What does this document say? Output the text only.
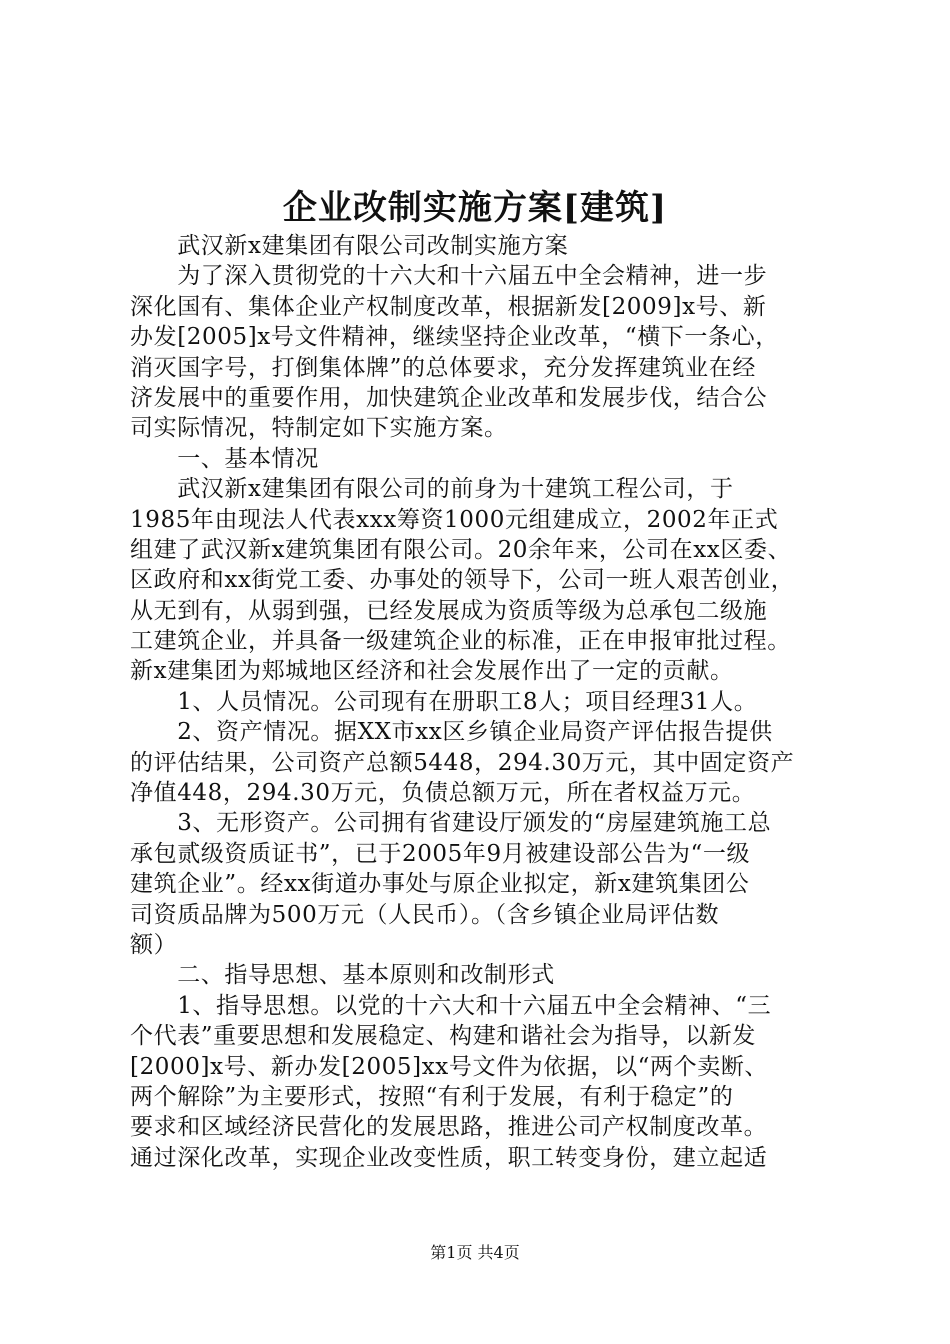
企业改制实施方案[建筑]
　　武汉新x建集团有限公司改制实施方案
　　为了深入贯彻党的十六大和十六届五中全会精神，进一步
深化国有、集体企业产权制度改革，根据新发[2009]x号、新
办发[2005]x号文件精神，继续坚持企业改革，“横下一条心，
消灭国字号，打倒集体牌”的总体要求，充分发挥建筑业在经
济发展中的重要作用，加快建筑企业改革和发展步伐，结合公
司实际情况，特制定如下实施方案。
　　一、基本情况
　　武汉新x建集团有限公司的前身为十建筑工程公司，于
1985年由现法人代表xxx筹资1000元组建成立，2002年正式
组建了武汉新x建筑集团有限公司。20余年来，公司在xx区委、
区政府和xx街党工委、办事处的领导下，公司一班人艰苦创业，
从无到有，从弱到强，已经发展成为资质等级为总承包二级施
工建筑企业，并具备一级建筑企业的标准，正在申报审批过程。
新x建集团为郏城地区经济和社会发展作出了一定的贡献。
　　1、人员情况。公司现有在册职工8人；项目经理31人。
　　2、资产情况。据XX市xx区乡镇企业局资产评估报告提供
的评估结果，公司资产总额5448，294.30万元，其中固定资产
净值448，294.30万元，负债总额万元，所在者权益万元。
　　3、无形资产。公司拥有省建设厅颁发的“房屋建筑施工总
承包贰级资质证书”，已于2005年9月被建设部公告为“一级
建筑企业”。经xx街道办事处与原企业拟定，新x建筑集团公
司资质品牌为500万元（人民币）。（含乡镇企业局评估数
额）
　　二、指导思想、基本原则和改制形式
　　1、指导思想。以党的十六大和十六届五中全会精神、“三
个代表”重要思想和发展稳定、构建和谐社会为指导，以新发
[2000]x号、新办发[2005]xx号文件为依据，以“两个卖断、
两个解除”为主要形式，按照“有利于发展，有利于稳定”的
要求和区域经济民营化的发展思路，推进公司产权制度改革。
通过深化改革，实现企业改变性质，职工转变身份，建立起适
第1页 共4页
